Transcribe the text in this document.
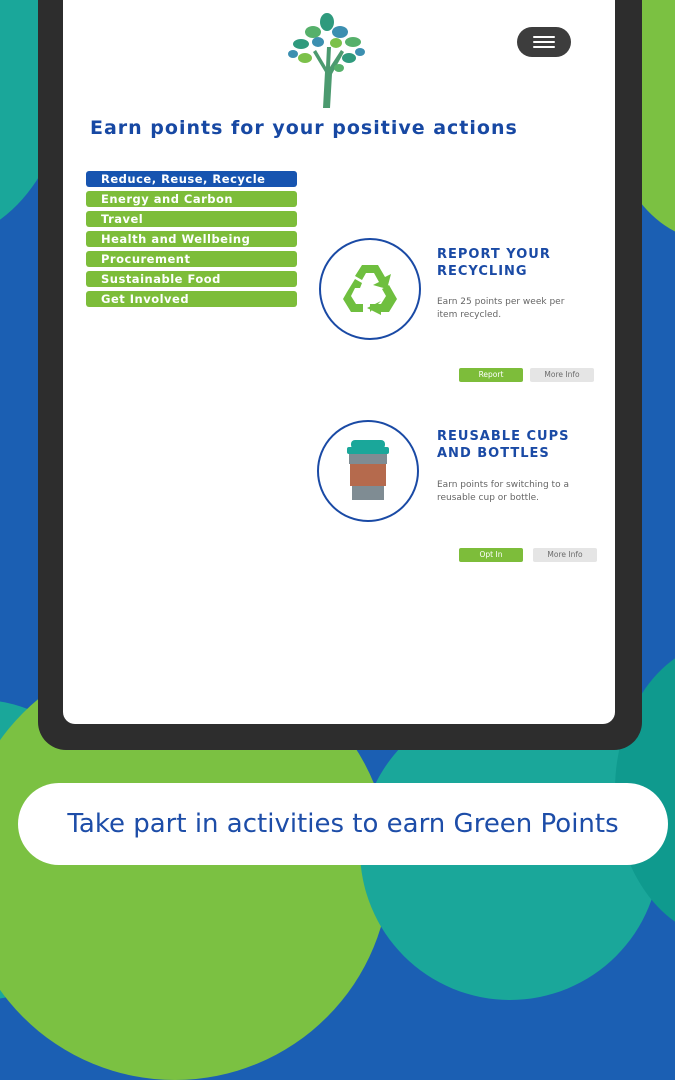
Earn points for your positive actions
Reduce, Reuse, Recycle
Energy and Carbon
Travel
Health and Wellbeing
Procurement
Sustainable Food
Get Involved
REPORT YOUR
RECYCLING
Earn 25 points per week per item recycled.
Report	More Info
REUSABLE CUPS
AND BOTTLES
Earn points for switching to a reusable cup or bottle.
Opt In	More Info
Take part in activities to earn Green Points
